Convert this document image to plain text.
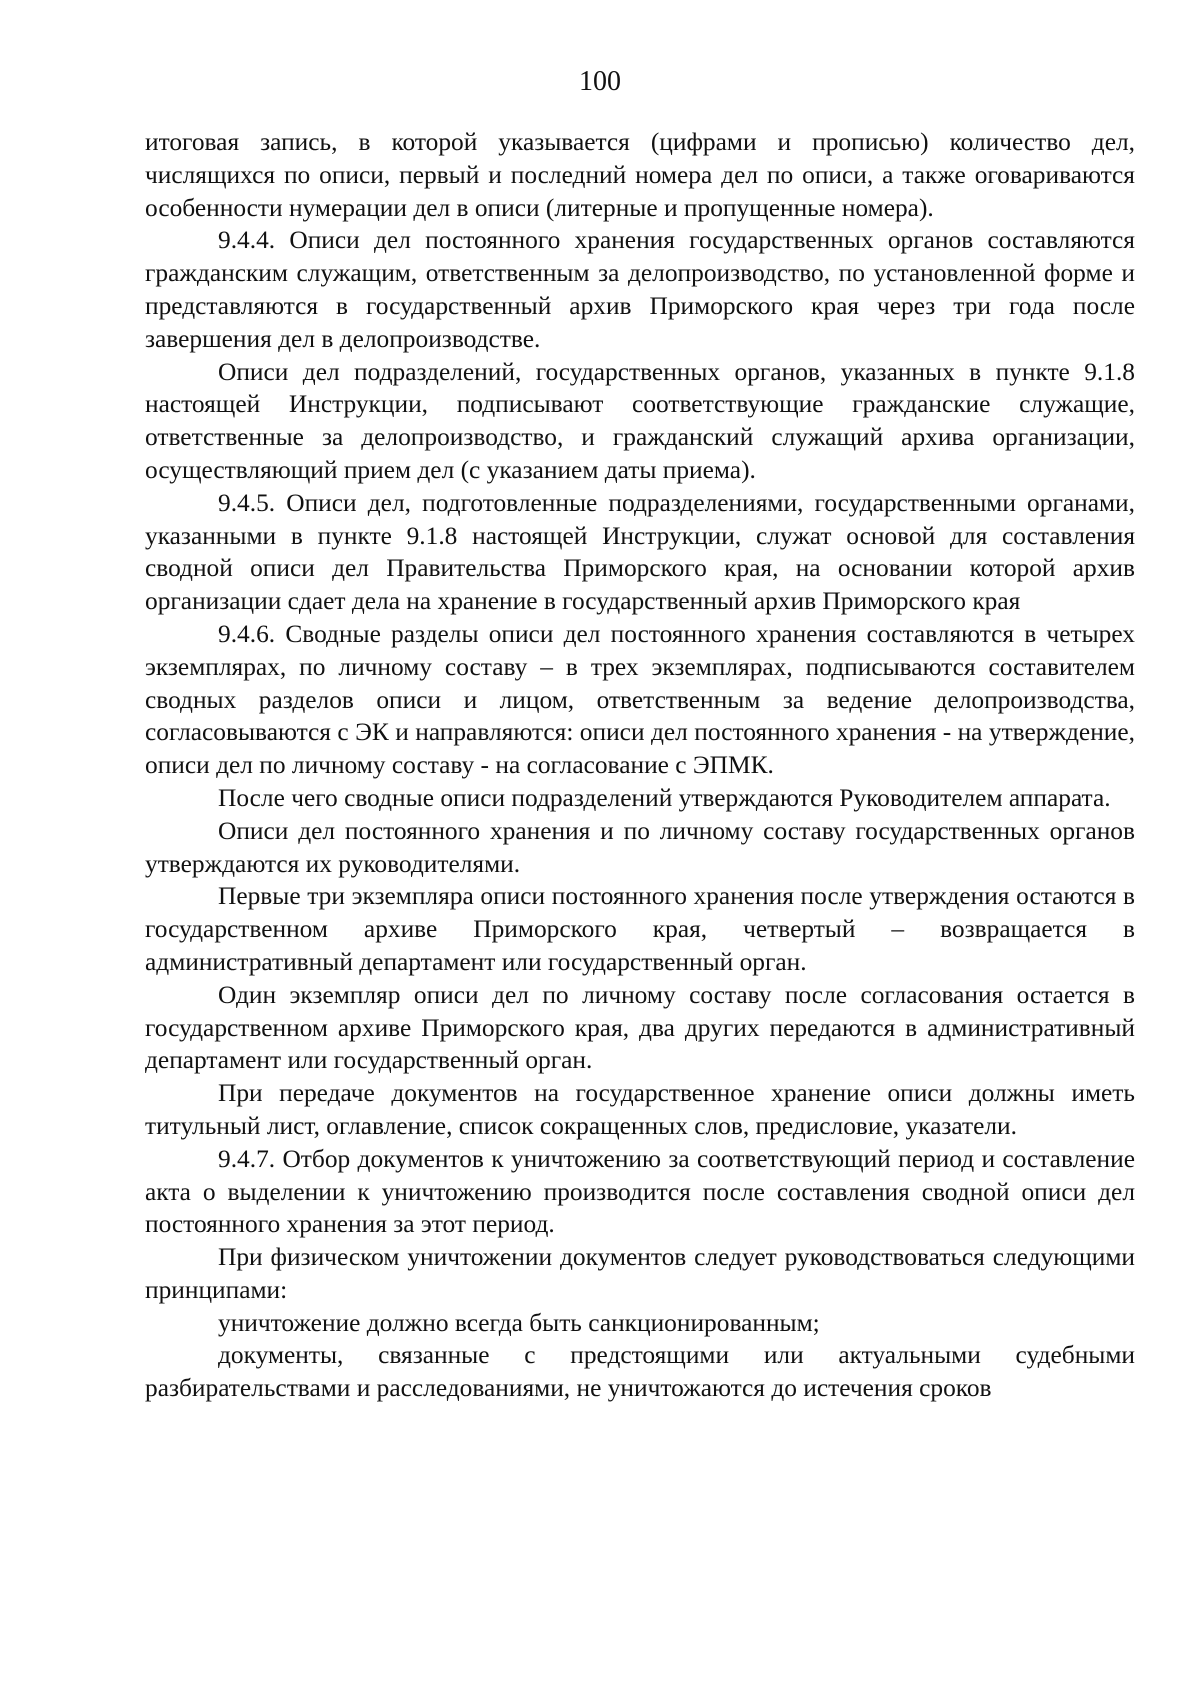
100

итоговая запись, в которой указывается (цифрами и прописью) количество дел, числящихся по описи, первый и последний номера дел по описи, а также оговариваются особенности нумерации дел в описи (литерные и пропущенные номера).

9.4.4. Описи дел постоянного хранения государственных органов составляются гражданским служащим, ответственным за делопроизводство, по установленной форме и представляются в государственный архив Приморского края через три года после завершения дел в делопроизводстве.

Описи дел подразделений, государственных органов, указанных в пункте 9.1.8 настоящей Инструкции, подписывают соответствующие гражданские служащие, ответственные за делопроизводство, и гражданский служащий архива организации, осуществляющий прием дел (с указанием даты приема).

9.4.5. Описи дел, подготовленные подразделениями, государственными органами, указанными в пункте 9.1.8 настоящей Инструкции, служат основой для составления сводной описи дел Правительства Приморского края, на основании которой архив организации сдает дела на хранение в государственный архив Приморского края

9.4.6. Сводные разделы описи дел постоянного хранения составляются в четырех экземплярах, по личному составу – в трех экземплярах, подписываются составителем сводных разделов описи и лицом, ответственным за ведение делопроизводства, согласовываются с ЭК и направляются: описи дел постоянного хранения - на утверждение, описи дел по личному составу - на согласование с ЭПМК.

После чего сводные описи подразделений утверждаются Руководителем аппарата.

Описи дел постоянного хранения и по личному составу государственных органов утверждаются их руководителями.

Первые три экземпляра описи постоянного хранения после утверждения остаются в государственном архиве Приморского края, четвертый – возвращается в административный департамент или государственный орган.

Один экземпляр описи дел по личному составу после согласования остается в государственном архиве Приморского края, два других передаются в административный департамент или государственный орган.

При передаче документов на государственное хранение описи должны иметь титульный лист, оглавление, список сокращенных слов, предисловие, указатели.

9.4.7. Отбор документов к уничтожению за соответствующий период и составление акта о выделении к уничтожению производится после составления сводной описи дел постоянного хранения за этот период.

При физическом уничтожении документов следует руководствоваться следующими принципами:

уничтожение должно всегда быть санкционированным;

документы, связанные с предстоящими или актуальными судебными разбирательствами и расследованиями, не уничтожаются до истечения сроков
